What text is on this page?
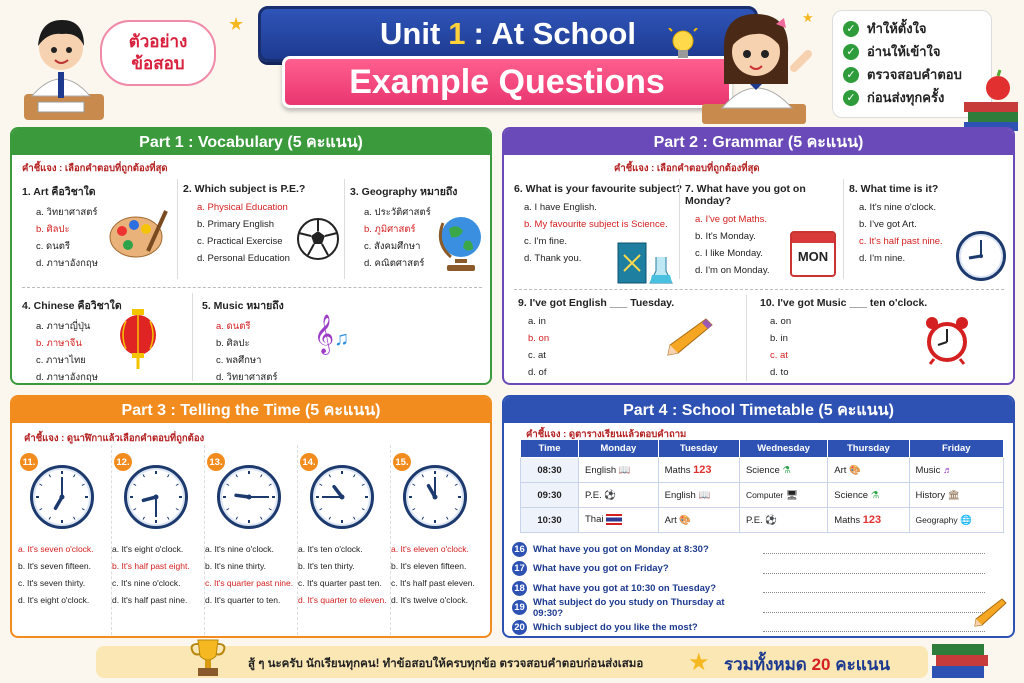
ตัวอย่าง
ข้อสอบ
★	★
Unit 1 : At School
Example Questions
✓ ทำให้ตั้งใจ
✓ อ่านให้เข้าใจ
✓ ตรวจสอบคำตอบ
✓ ก่อนส่งทุกครั้ง
Part 1 : Vocabulary (5 คะแนน)
คำชี้แจง : เลือกคำตอบที่ถูกต้องที่สุด
1. Art คือวิชาใด
a. วิทยาศาสตร์
b. ศิลปะ
c. ดนตรี
d. ภาษาอังกฤษ
2. Which subject is P.E.?
a. Physical Education
b. Primary English
c. Practical Exercise
d. Personal Education
3. Geography หมายถึง
a. ประวัติศาสตร์
b. ภูมิศาสตร์
c. สังคมศึกษา
d. คณิตศาสตร์
4. Chinese คือวิชาใด
a. ภาษาญี่ปุ่น
b. ภาษาจีน
c. ภาษาไทย
d. ภาษาอังกฤษ
5. Music หมายถึง
a. ดนตรี
b. ศิลปะ
c. พลศึกษา
d. วิทยาศาสตร์
𝄞♫
Part 2 : Grammar (5 คะแนน)
คำชี้แจง : เลือกคำตอบที่ถูกต้องที่สุด
6. What is your favourite subject?
a. I have English.
b. My favourite subject is Science.
c. I'm fine.
d. Thank you.
7. What have you got on Monday?
a. I've got Maths.
b. It's Monday.
c. I like Monday.
d. I'm on Monday.
MON
8. What time is it?
a. It's nine o'clock.
b. I've got Art.
c. It's half past nine.
d. I'm nine.
9. I've got English ___ Tuesday.
a. in
b. on
c. at
d. of
10. I've got Music ___ ten o'clock.
a. on
b. in
c. at
d. to
Part 3 : Telling the Time (5 คะแนน)
คำชี้แจง : ดูนาฬิกาแล้วเลือกคำตอบที่ถูกต้อง
11.
a. It's seven o'clock.
b. It's seven fifteen.
c. It's seven thirty.
d. It's eight o'clock.
12.
a. It's eight o'clock.
b. It's half past eight.
c. It's nine o'clock.
d. It's half past nine.
13.
a. It's nine o'clock.
b. It's nine thirty.
c. It's quarter past nine.
d. It's quarter to ten.
14.
a. It's ten o'clock.
b. It's ten thirty.
c. It's quarter past ten.
d. It's quarter to eleven.
15.
a. It's eleven o'clock.
b. It's eleven fifteen.
c. It's half past eleven.
d. It's twelve o'clock.
Part 4 : School Timetable (5 คะแนน)
คำชี้แจง : ดูตารางเรียนแล้วตอบคำถาม
Time	Monday	Tuesday	Wednesday	Thursday	Friday
08:30	English 📖	Maths 123	Science ⚗	Art 🎨	Music ♬
09:30	P.E. ⚽	English 📖	Computer 🖥	Science ⚗	History 🏛
10:30	Thai	Art 🎨	P.E. ⚽	Maths 123	Geography 🌐
16 What have you got on Monday at 8:30?
17 What have you got on Friday?
18 What have you got at 10:30 on Tuesday?
19 What subject do you study on Thursday at 09:30?
20 Which subject do you like the most?
สู้ ๆ นะครับ นักเรียนทุกคน! ทำข้อสอบให้ครบทุกข้อ ตรวจสอบคำตอบก่อนส่งเสมอ ★ รวมทั้งหมด 20 คะแนน
